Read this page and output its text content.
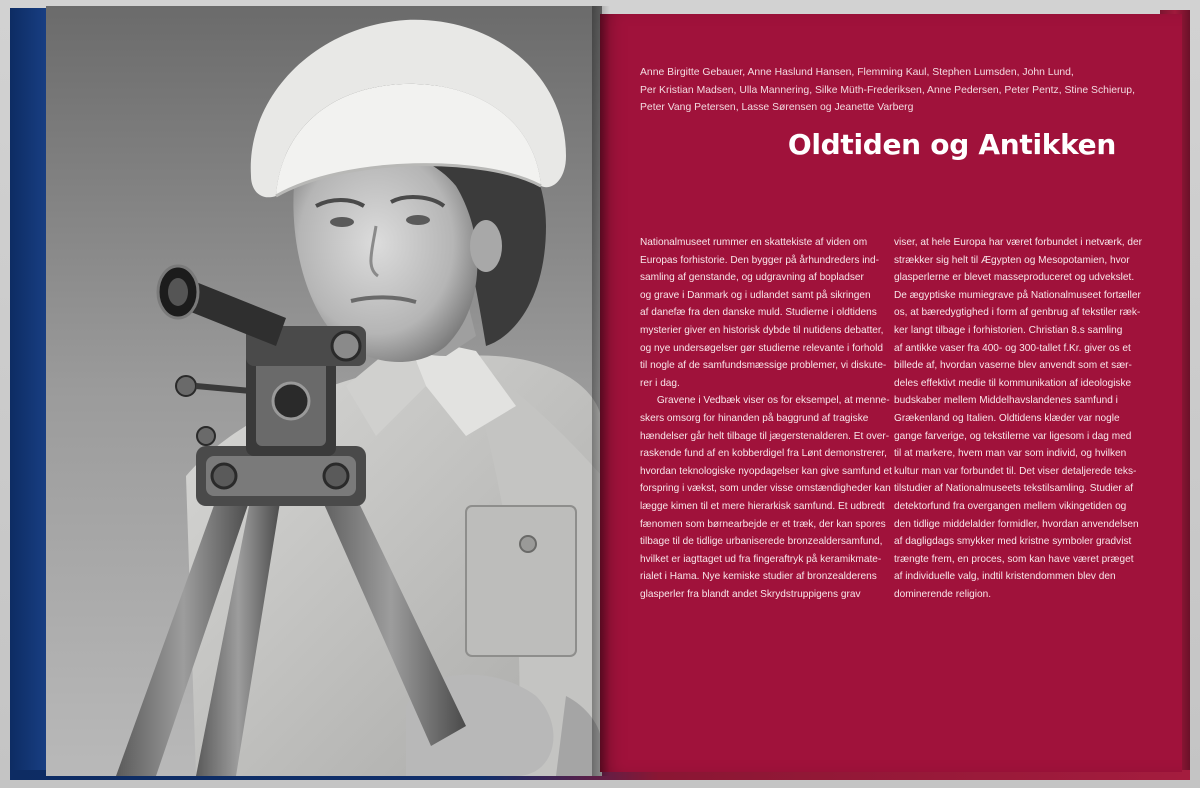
Anne Birgitte Gebauer, Anne Haslund Hansen, Flemming Kaul, Stephen Lumsden, John Lund,
Per Kristian Madsen, Ulla Mannering, Silke Müth-Frederiksen, Anne Pedersen, Peter Pentz, Stine Schierup,
Peter Vang Petersen, Lasse Sørensen og Jeanette Varberg
Oldtiden og Antikken
Nationalmuseet rummer en skattekiste af viden om
Europas forhistorie. Den bygger på århundreders ind-
samling af genstande, og udgravning af bopladser
og grave i Danmark og i udlandet samt på sikringen
af danefæ fra den danske muld. Studierne i oldtidens
mysterier giver en historisk dybde til nutidens debatter,
og nye undersøgelser gør studierne relevante i forhold
til nogle af de samfundsmæssige problemer, vi diskute-
rer i dag.
Gravene i Vedbæk viser os for eksempel, at menne-
skers omsorg for hinanden på baggrund af tragiske
hændelser går helt tilbage til jægerstenalderen. Et over-
raskende fund af en kobberdigel fra Lønt demonstrerer,
hvordan teknologiske nyopdagelser kan give samfund et
forspring i vækst, som under visse omstændigheder kan
lægge kimen til et mere hierarkisk samfund. Et udbredt
fænomen som børnearbejde er et træk, der kan spores
tilbage til de tidlige urbaniserede bronzealdersamfund,
hvilket er iagttaget ud fra fingeraftryk på keramikmate-
rialet i Hama. Nye kemiske studier af bronzealderens
glasperler fra blandt andet Skrydstruppigens grav
viser, at hele Europa har været forbundet i netværk, der
strækker sig helt til Ægypten og Mesopotamien, hvor
glasperlerne er blevet masseproduceret og udvekslet.
De ægyptiske mumiegrave på Nationalmuseet fortæller
os, at bæredygtighed i form af genbrug af tekstiler ræk-
ker langt tilbage i forhistorien. Christian 8.s samling
af antikke vaser fra 400- og 300-tallet f.Kr. giver os et
billede af, hvordan vaserne blev anvendt som et sær-
deles effektivt medie til kommunikation af ideologiske
budskaber mellem Middelhavslandenes samfund i
Grækenland og Italien. Oldtidens klæder var nogle
gange farverige, og tekstilerne var ligesom i dag med
til at markere, hvem man var som individ, og hvilken
kultur man var forbundet til. Det viser detaljerede teks-
tilstudier af Nationalmuseets tekstilsamling. Studier af
detektorfund fra overgangen mellem vikingetiden og
den tidlige middelalder formidler, hvordan anvendelsen
af dagligdags smykker med kristne symboler gradvist
trængte frem, en proces, som kan have været præget
af individuelle valg, indtil kristendommen blev den
dominerende religion.
